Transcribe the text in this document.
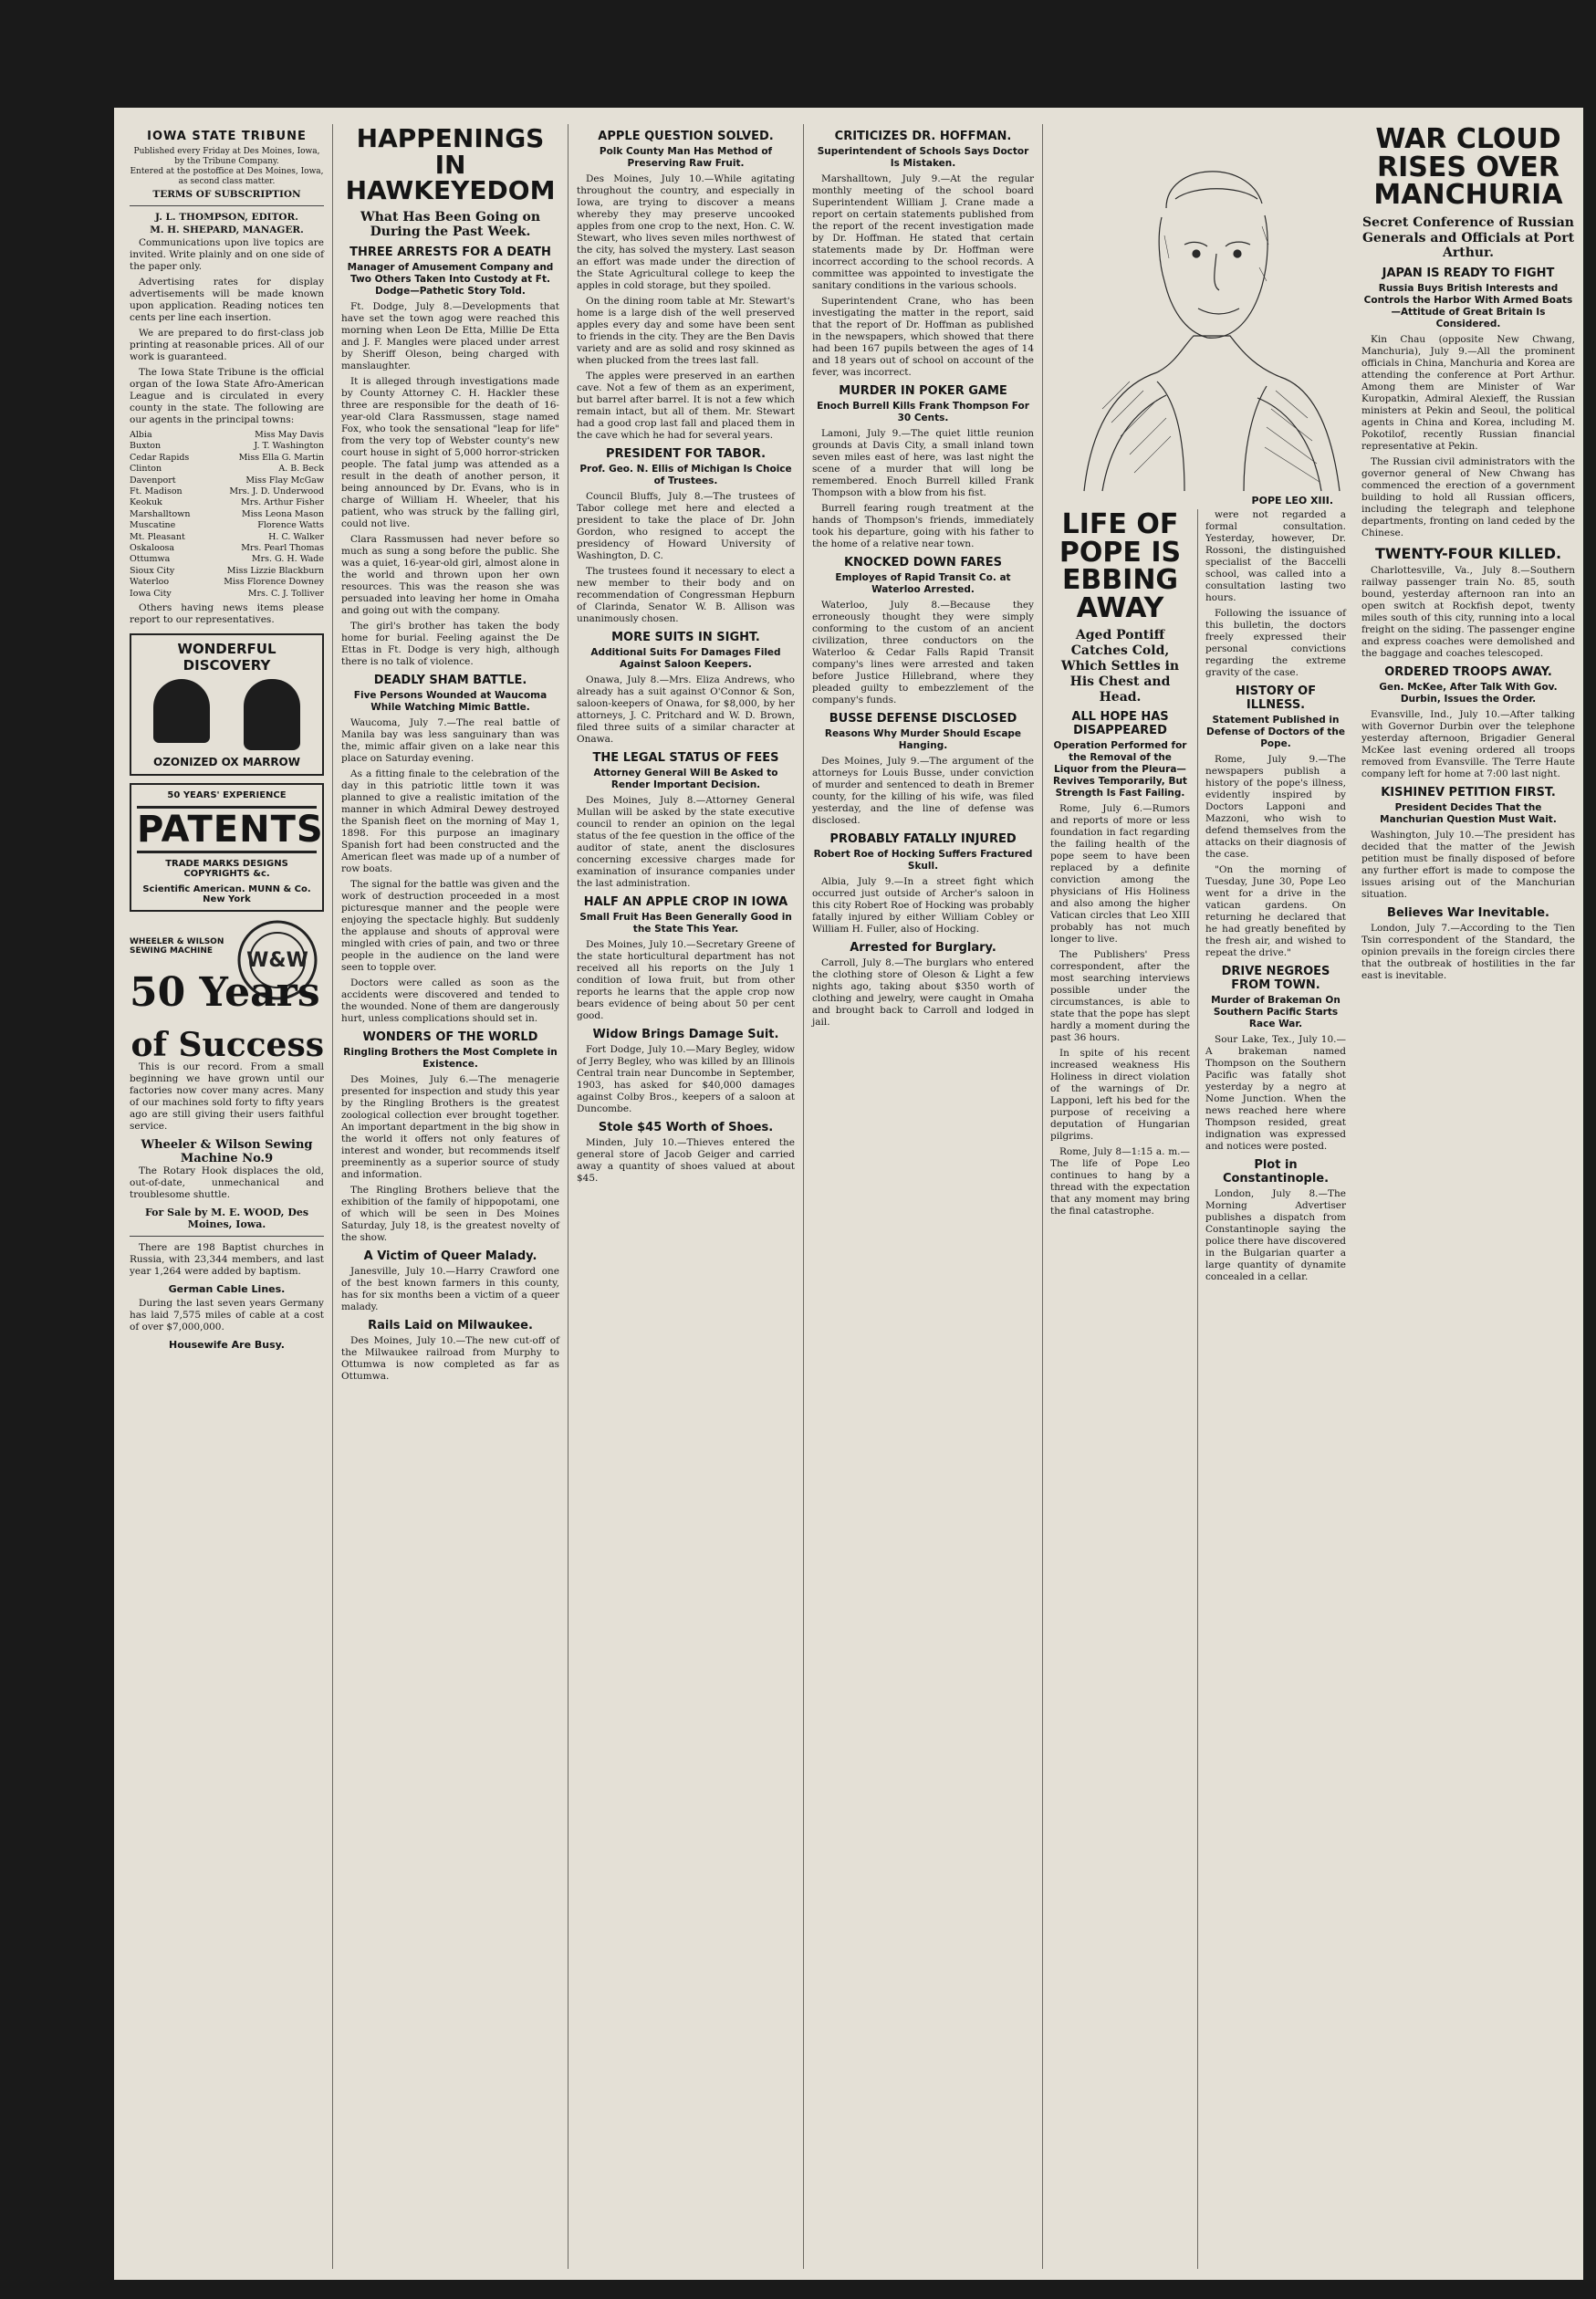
IOWA STATE TRIBUNE
Published every Friday at Des Moines, Iowa, by the Tribune Company.
Entered at the postoffice at Des Moines, Iowa, as second class matter.
TERMS OF SUBSCRIPTION
J. L. THOMPSON, EDITOR.
M. H. SHEPARD, MANAGER.

Communications upon live topics are invited. Write plainly and on one side of the paper only.

Advertising rates for display advertisements will be made known upon application. Reading notices ten cents per line each insertion.

We are prepared to do first-class job printing at reasonable prices. All of our work is guaranteed.

The Iowa State Tribune is the official organ of the Iowa State Afro-American League and is circulated in every county in the state. The following are our agents in the principal towns:

Albia	Miss May Davis
Buxton	J. T. Washington
Cedar Rapids	Miss Ella G. Martin
Clinton	A. B. Beck
Davenport	Miss Flay McGaw
Ft. Madison	Mrs. J. D. Underwood
Keokuk	Mrs. Arthur Fisher
Marshalltown	Miss Leona Mason
Muscatine	Florence Watts
Mt. Pleasant	H. C. Walker
Oskaloosa	Mrs. Pearl Thomas
Ottumwa	Mrs. G. H. Wade
Sioux City	Miss Lizzie Blackburn
Waterloo	Miss Florence Downey
Iowa City	Mrs. C. J. Tolliver

Others having news items please report to our representatives.

WONDERFUL DISCOVERY
OZONIZED OX MARROW
50 YEARS' EXPERIENCE
PATENTS
TRADE MARKS DESIGNS COPYRIGHTS &c.
Scientific American. MUNN & Co. New York
W&W
WHEELER & WILSON SEWING MACHINE
50 Years
of Success

This is our record. From a small beginning we have grown until our factories now cover many acres. Many of our machines sold forty to fifty years ago are still giving their users faithful service.

Wheeler & Wilson Sewing Machine No.9

The Rotary Hook displaces the old, out-of-date, unmechanical and troublesome shuttle.

For Sale by M. E. WOOD, Des Moines, Iowa.

There are 198 Baptist churches in Russia, with 23,344 members, and last year 1,264 were added by baptism.

German Cable Lines.

During the last seven years Germany has laid 7,575 miles of cable at a cost of over $7,000,000.

Housewife Are Busy.
HAPPENINGS IN HAWKEYEDOM
What Has Been Going on During the Past Week.
THREE ARRESTS FOR A DEATH
Manager of Amusement Company and Two Others Taken Into Custody at Ft. Dodge—Pathetic Story Told.

Ft. Dodge, July 8.—Developments that have set the town agog were reached this morning when Leon De Etta, Millie De Etta and J. F. Mangles were placed under arrest by Sheriff Oleson, being charged with manslaughter.

It is alleged through investigations made by County Attorney C. H. Hackler these three are responsible for the death of 16-year-old Clara Rassmussen, stage named Fox, who took the sensational "leap for life" from the very top of Webster county's new court house in sight of 5,000 horror-stricken people. The fatal jump was attended as a result in the death of another person, it being announced by Dr. Evans, who is in charge of William H. Wheeler, that his patient, who was struck by the falling girl, could not live.

Clara Rassmussen had never before so much as sung a song before the public. She was a quiet, 16-year-old girl, almost alone in the world and thrown upon her own resources. This was the reason she was persuaded into leaving her home in Omaha and going out with the company.

The girl's brother has taken the body home for burial. Feeling against the De Ettas in Ft. Dodge is very high, although there is no talk of violence.

DEADLY SHAM BATTLE.
Five Persons Wounded at Waucoma While Watching Mimic Battle.

Waucoma, July 7.—The real battle of Manila bay was less sanguinary than was the, mimic affair given on a lake near this place on Saturday evening.

As a fitting finale to the celebration of the day in this patriotic little town it was planned to give a realistic imitation of the manner in which Admiral Dewey destroyed the Spanish fleet on the morning of May 1, 1898. For this purpose an imaginary Spanish fort had been constructed and the American fleet was made up of a number of row boats.

The signal for the battle was given and the work of destruction proceeded in a most picturesque manner and the people were enjoying the spectacle highly. But suddenly the applause and shouts of approval were mingled with cries of pain, and two or three people in the audience on the land were seen to topple over.

Doctors were called as soon as the accidents were discovered and tended to the wounded. None of them are dangerously hurt, unless complications should set in.

WONDERS OF THE WORLD
Ringling Brothers the Most Complete in Existence.

Des Moines, July 6.—The menagerie presented for inspection and study this year by the Ringling Brothers is the greatest zoological collection ever brought together. An important department in the big show in the world it offers not only features of interest and wonder, but recommends itself preeminently as a superior source of study and information.

The Ringling Brothers believe that the exhibition of the family of hippopotami, one of which will be seen in Des Moines Saturday, July 18, is the greatest novelty of the show.

A Victim of Queer Malady.

Janesville, July 10.—Harry Crawford one of the best known farmers in this county, has for six months been a victim of a queer malady.

Rails Laid on Milwaukee.

Des Moines, July 10.—The new cut-off of the Milwaukee railroad from Murphy to Ottumwa is now completed as far as Ottumwa.

APPLE QUESTION SOLVED.
Polk County Man Has Method of Preserving Raw Fruit.

Des Moines, July 10.—While agitating throughout the country, and especially in Iowa, are trying to discover a means whereby they may preserve uncooked apples from one crop to the next, Hon. C. W. Stewart, who lives seven miles northwest of the city, has solved the mystery. Last season an effort was made under the direction of the State Agricultural college to keep the apples in cold storage, but they spoiled.

On the dining room table at Mr. Stewart's home is a large dish of the well preserved apples every day and some have been sent to friends in the city. They are the Ben Davis variety and are as solid and rosy skinned as when plucked from the trees last fall.

The apples were preserved in an earthen cave. Not a few of them as an experiment, but barrel after barrel. It is not a few which remain intact, but all of them. Mr. Stewart had a good crop last fall and placed them in the cave which he had for several years.

PRESIDENT FOR TABOR.
Prof. Geo. N. Ellis of Michigan Is Choice of Trustees.

Council Bluffs, July 8.—The trustees of Tabor college met here and elected a president to take the place of Dr. John Gordon, who resigned to accept the presidency of Howard University of Washington, D. C.

The trustees found it necessary to elect a new member to their body and on recommendation of Congressman Hepburn of Clarinda, Senator W. B. Allison was unanimously chosen.

MORE SUITS IN SIGHT.
Additional Suits For Damages Filed Against Saloon Keepers.

Onawa, July 8.—Mrs. Eliza Andrews, who already has a suit against O'Connor & Son, saloon-keepers of Onawa, for $8,000, by her attorneys, J. C. Pritchard and W. D. Brown, filed three suits of a similar character at Onawa.

THE LEGAL STATUS OF FEES
Attorney General Will Be Asked to Render Important Decision.

Des Moines, July 8.—Attorney General Mullan will be asked by the state executive council to render an opinion on the legal status of the fee question in the office of the auditor of state, anent the disclosures concerning excessive charges made for examination of insurance companies under the last administration.

HALF AN APPLE CROP IN IOWA
Small Fruit Has Been Generally Good in the State This Year.

Des Moines, July 10.—Secretary Greene of the state horticultural department has not received all his reports on the July 1 condition of Iowa fruit, but from other reports he learns that the apple crop now bears evidence of being about 50 per cent good.

Widow Brings Damage Suit.

Fort Dodge, July 10.—Mary Begley, widow of Jerry Begley, who was killed by an Illinois Central train near Duncombe in September, 1903, has asked for $40,000 damages against Colby Bros., keepers of a saloon at Duncombe.

Stole $45 Worth of Shoes.

Minden, July 10.—Thieves entered the general store of Jacob Geiger and carried away a quantity of shoes valued at about $45.

CRITICIZES DR. HOFFMAN.
Superintendent of Schools Says Doctor Is Mistaken.

Marshalltown, July 9.—At the regular monthly meeting of the school board Superintendent William J. Crane made a report on certain statements published from the report of the recent investigation made by Dr. Hoffman. He stated that certain statements made by Dr. Hoffman were incorrect according to the school records. A committee was appointed to investigate the sanitary conditions in the various schools.

Superintendent Crane, who has been investigating the matter in the report, said that the report of Dr. Hoffman as published in the newspapers, which showed that there had been 167 pupils between the ages of 14 and 18 years out of school on account of the fever, was incorrect.

MURDER IN POKER GAME
Enoch Burrell Kills Frank Thompson For 30 Cents.

Lamoni, July 9.—The quiet little reunion grounds at Davis City, a small inland town seven miles east of here, was last night the scene of a murder that will long be remembered. Enoch Burrell killed Frank Thompson with a blow from his fist.

Burrell fearing rough treatment at the hands of Thompson's friends, immediately took his departure, going with his father to the home of a relative near town.

KNOCKED DOWN FARES
Employes of Rapid Transit Co. at Waterloo Arrested.

Waterloo, July 8.—Because they erroneously thought they were simply conforming to the custom of an ancient civilization, three conductors on the Waterloo & Cedar Falls Rapid Transit company's lines were arrested and taken before Justice Hillebrand, where they pleaded guilty to embezzlement of the company's funds.

BUSSE DEFENSE DISCLOSED
Reasons Why Murder Should Escape Hanging.

Des Moines, July 9.—The argument of the attorneys for Louis Busse, under conviction of murder and sentenced to death in Bremer county, for the killing of his wife, was filed yesterday, and the line of defense was disclosed.

PROBABLY FATALLY INJURED
Robert Roe of Hocking Suffers Fractured Skull.

Albia, July 9.—In a street fight which occurred just outside of Archer's saloon in this city Robert Roe of Hocking was probably fatally injured by either William Cobley or William H. Fuller, also of Hocking.

Arrested for Burglary.

Carroll, July 8.—The burglars who entered the clothing store of Oleson & Light a few nights ago, taking about $350 worth of clothing and jewelry, were caught in Omaha and brought back to Carroll and lodged in jail.

POPE LEO XIII.
LIFE OF POPE IS EBBING AWAY
Aged Pontiff Catches Cold, Which Settles in His Chest and Head.
ALL HOPE HAS DISAPPEARED
Operation Performed for the Removal of the Liquor from the Pleura—Revives Temporarily, But Strength Is Fast Failing.

Rome, July 6.—Rumors and reports of more or less foundation in fact regarding the failing health of the pope seem to have been replaced by a definite conviction among the physicians of His Holiness and also among the higher Vatican circles that Leo XIII probably has not much longer to live.

The Publishers' Press correspondent, after the most searching interviews possible under the circumstances, is able to state that the pope has slept hardly a moment during the past 36 hours.

In spite of his recent increased weakness His Holiness in direct violation of the warnings of Dr. Lapponi, left his bed for the purpose of receiving a deputation of Hungarian pilgrims.

Rome, July 8—1:15 a. m.—The life of Pope Leo continues to hang by a thread with the expectation that any moment may bring the final catastrophe.

were not regarded a formal consultation. Yesterday, however, Dr. Rossoni, the distinguished specialist of the Baccelli school, was called into a consultation lasting two hours.

Following the issuance of this bulletin, the doctors freely expressed their personal convictions regarding the extreme gravity of the case.

HISTORY OF ILLNESS.
Statement Published in Defense of Doctors of the Pope.

Rome, July 9.—The newspapers publish a history of the pope's illness, evidently inspired by Doctors Lapponi and Mazzoni, who wish to defend themselves from the attacks on their diagnosis of the case.

"On the morning of Tuesday, June 30, Pope Leo went for a drive in the vatican gardens. On returning he declared that he had greatly benefited by the fresh air, and wished to repeat the drive."

DRIVE NEGROES FROM TOWN.
Murder of Brakeman On Southern Pacific Starts Race War.

Sour Lake, Tex., July 10.—A brakeman named Thompson on the Southern Pacific was fatally shot yesterday by a negro at Nome Junction. When the news reached here where Thompson resided, great indignation was expressed and notices were posted.

Plot in Constantinople.

London, July 8.—The Morning Advertiser publishes a dispatch from Constantinople saying the police there have discovered in the Bulgarian quarter a large quantity of dynamite concealed in a cellar.

WAR CLOUD RISES OVER MANCHURIA
Secret Conference of Russian Generals and Officials at Port Arthur.
JAPAN IS READY TO FIGHT
Russia Buys British Interests and Controls the Harbor With Armed Boats—Attitude of Great Britain Is Considered.

Kin Chau (opposite New Chwang, Manchuria), July 9.—All the prominent officials in China, Manchuria and Korea are attending the conference at Port Arthur. Among them are Minister of War Kuropatkin, Admiral Alexieff, the Russian ministers at Pekin and Seoul, the political agents in China and Korea, including M. Pokotilof, recently Russian financial representative at Pekin.

The Russian civil administrators with the governor general of New Chwang has commenced the erection of a government building to hold all Russian officers, including the telegraph and telephone departments, fronting on land ceded by the Chinese.

TWENTY-FOUR KILLED.

Charlottesville, Va., July 8.—Southern railway passenger train No. 85, south bound, yesterday afternoon ran into an open switch at Rockfish depot, twenty miles south of this city, running into a local freight on the siding. The passenger engine and express coaches were demolished and the baggage and coaches telescoped.

ORDERED TROOPS AWAY.
Gen. McKee, After Talk With Gov. Durbin, Issues the Order.

Evansville, Ind., July 10.—After talking with Governor Durbin over the telephone yesterday afternoon, Brigadier General McKee last evening ordered all troops removed from Evansville. The Terre Haute company left for home at 7:00 last night.

KISHINEV PETITION FIRST.
President Decides That the Manchurian Question Must Wait.

Washington, July 10.—The president has decided that the matter of the Jewish petition must be finally disposed of before any further effort is made to compose the issues arising out of the Manchurian situation.

Believes War Inevitable.

London, July 7.—According to the Tien Tsin correspondent of the Standard, the opinion prevails in the foreign circles there that the outbreak of hostilities in the far east is inevitable.
